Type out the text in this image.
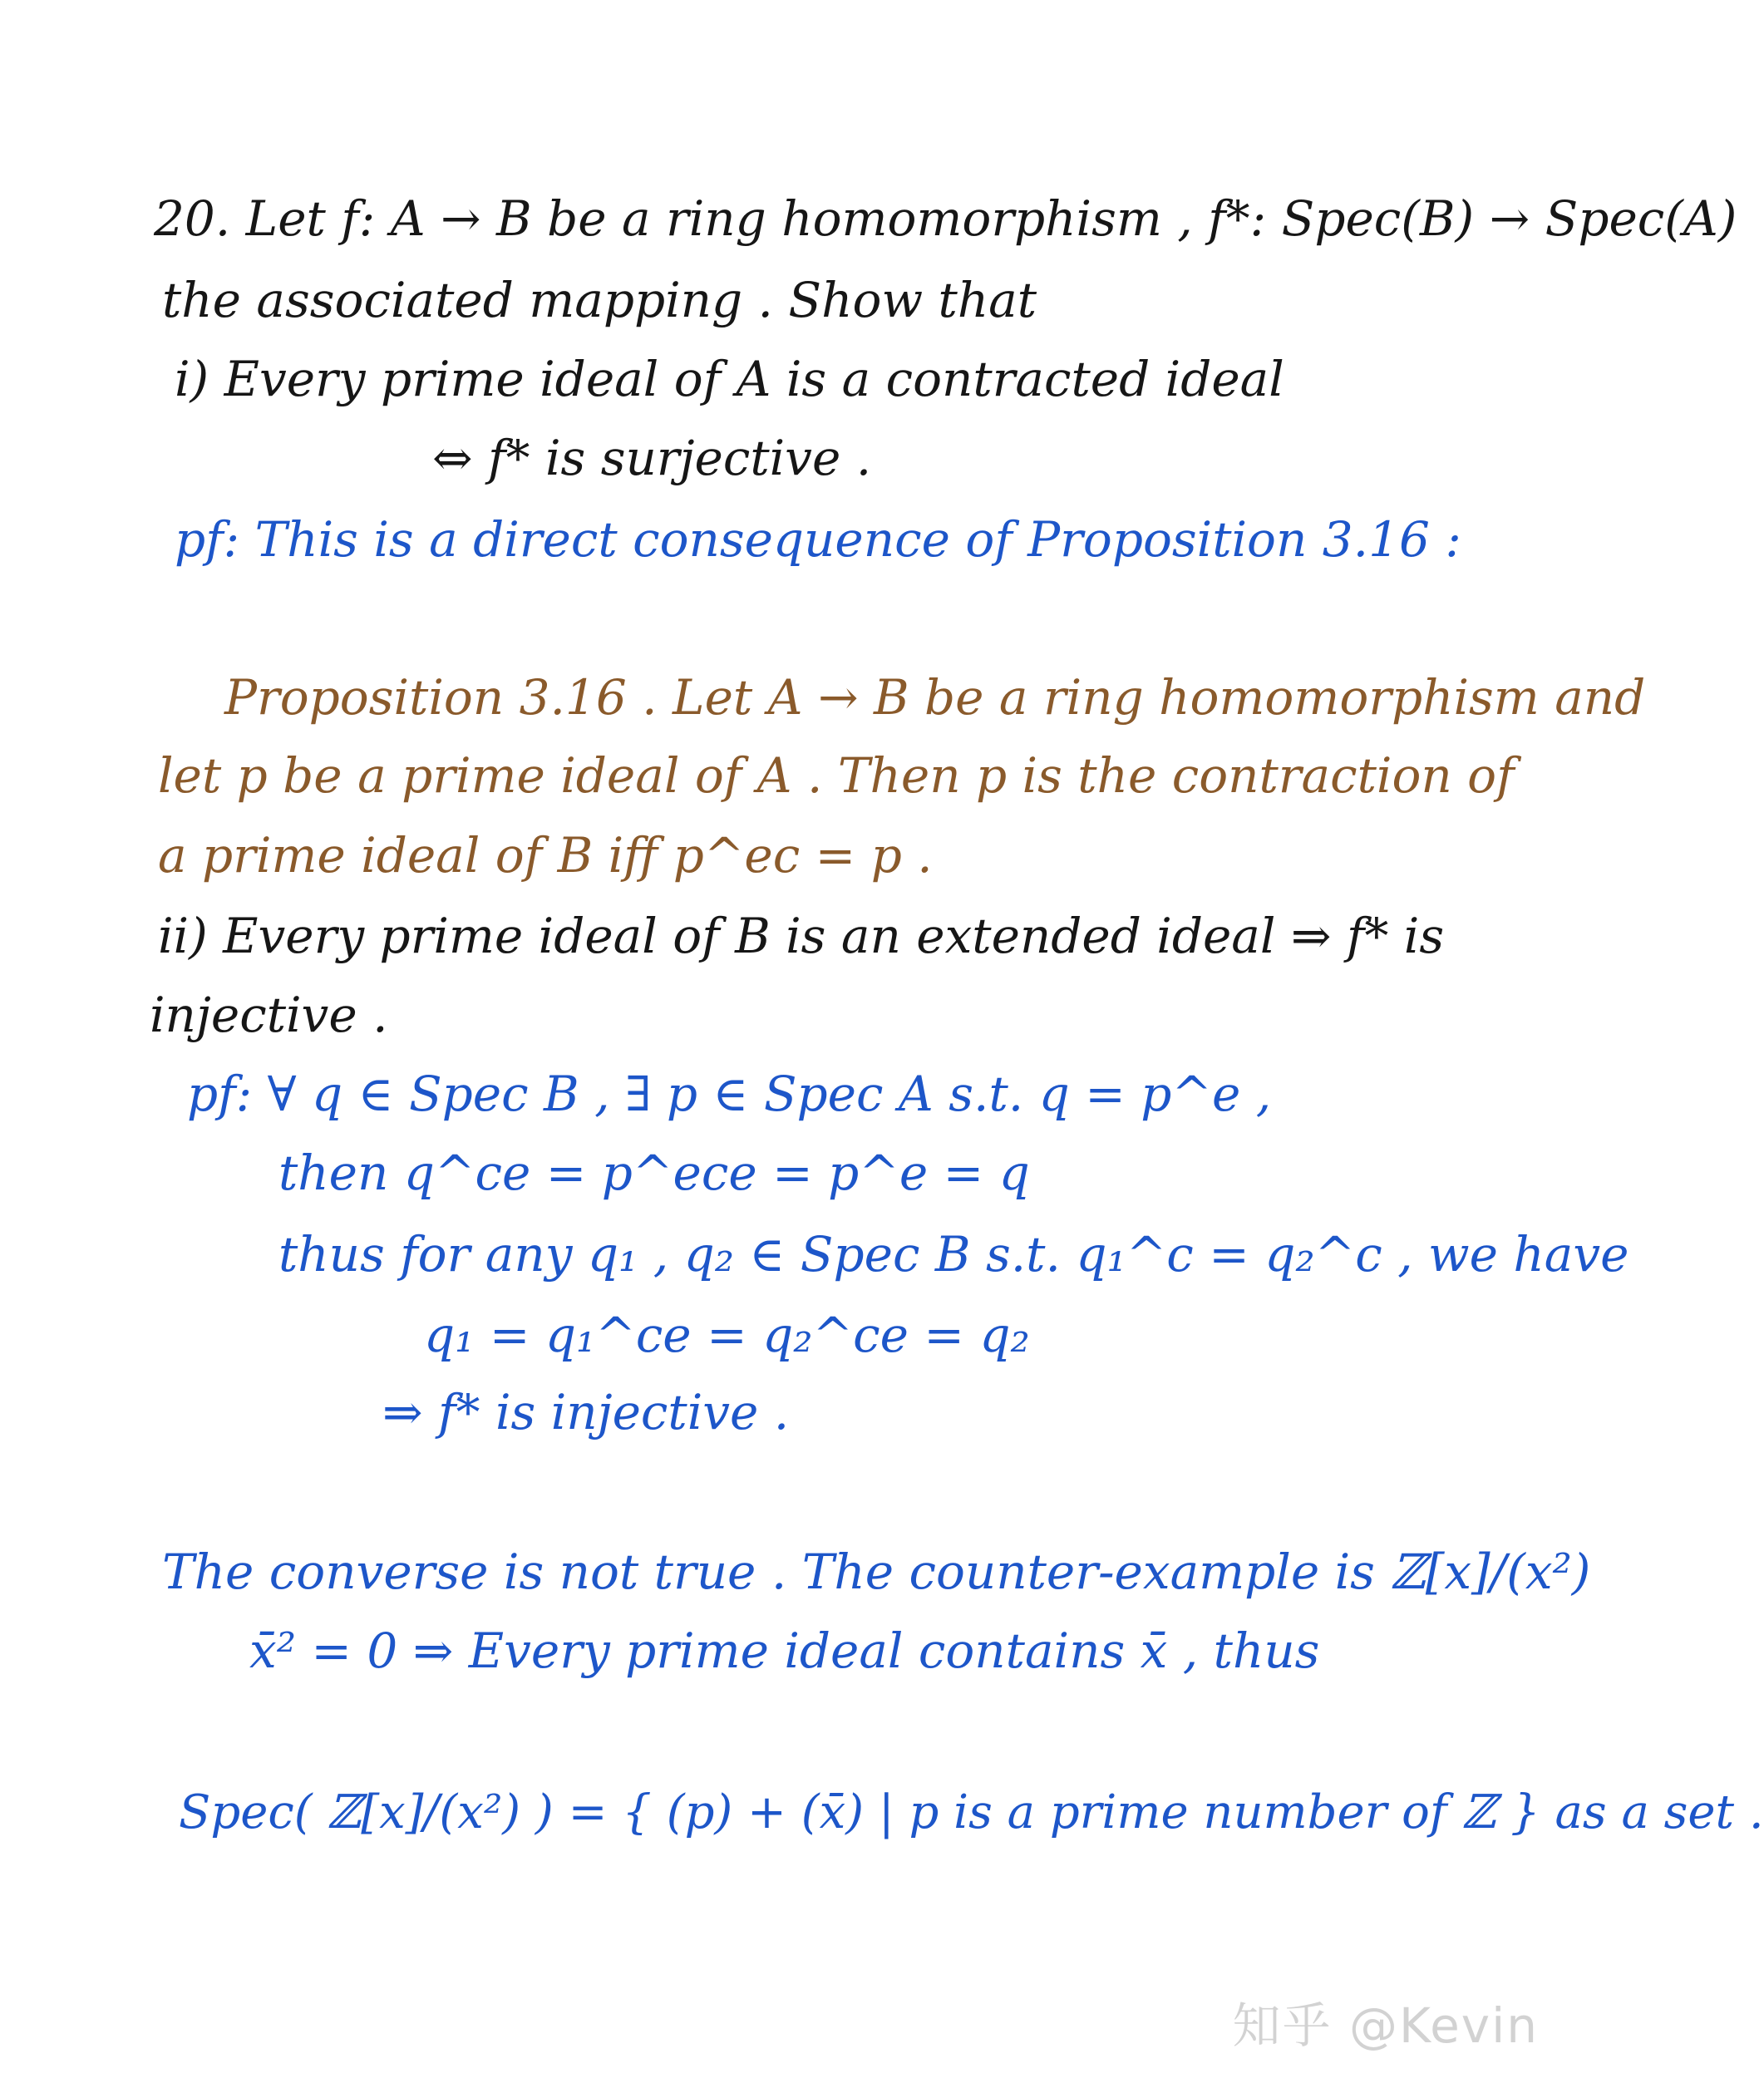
20. Let f: A → B be a ring homomorphism , f*: Spec(B) → Spec(A)

the associated mapping . Show that

i) Every prime ideal of A is a contracted ideal

⇔ f* is surjective .

pf: This is a direct consequence of Proposition 3.16 :

Proposition 3.16 . Let A → B be a ring homomorphism and

let p be a prime ideal of A . Then p is the contraction of

a prime ideal of B iff p^ec = p .

ii) Every prime ideal of B is an extended ideal ⇒ f* is

injective .

pf: ∀ q ∈ Spec B , ∃ p ∈ Spec A s.t. q = p^e ,

then q^ce = p^ece = p^e = q

thus for any q₁ , q₂ ∈ Spec B s.t. q₁^c = q₂^c , we have

q₁ = q₁^ce = q₂^ce = q₂

⇒ f* is injective .

The converse is not true . The counter-example is ℤ[x]/(x²)

x̄² = 0 ⇒ Every prime ideal contains x̄ , thus

Spec( ℤ[x]/(x²) ) = { (p) + (x̄) | p is a prime number of ℤ } as a set .

知乎 @Kevin
